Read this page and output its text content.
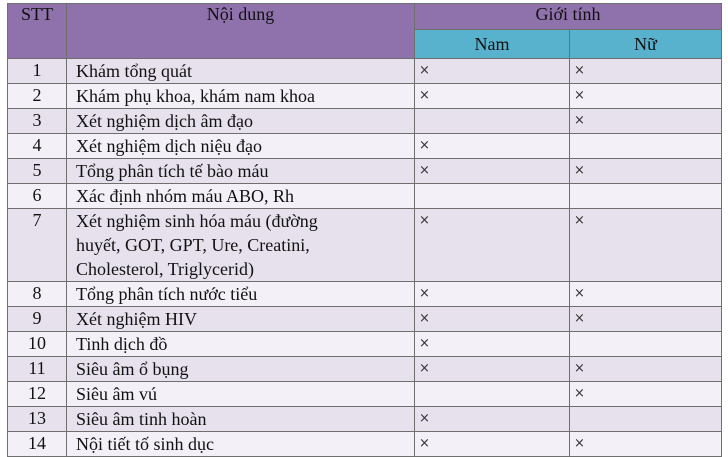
STT	Nội dung	Giới tính	
		Nam	Nữ
1	Khám tổng quát	×	×
2	Khám phụ khoa, khám nam khoa	×	×
3	Xét nghiệm dịch âm đạo		×
4	Xét nghiệm dịch niệu đạo	×	
5	Tổng phân tích tế bào máu	×	×
6	Xác định nhóm máu ABO, Rh		
7	Xét nghiệm sinh hóa máu (đường
huyết, GOT, GPT, Ure, Creatini,
Cholesterol, Triglycerid)	×	×
8	Tổng phân tích nước tiểu	×	×
9	Xét nghiệm HIV	×	×
10	Tinh dịch đồ	×	
11	Siêu âm ổ bụng	×	×
12	Siêu âm vú		×
13	Siêu âm tinh hoàn	×	
14	Nội tiết tố sinh dục	×	×
